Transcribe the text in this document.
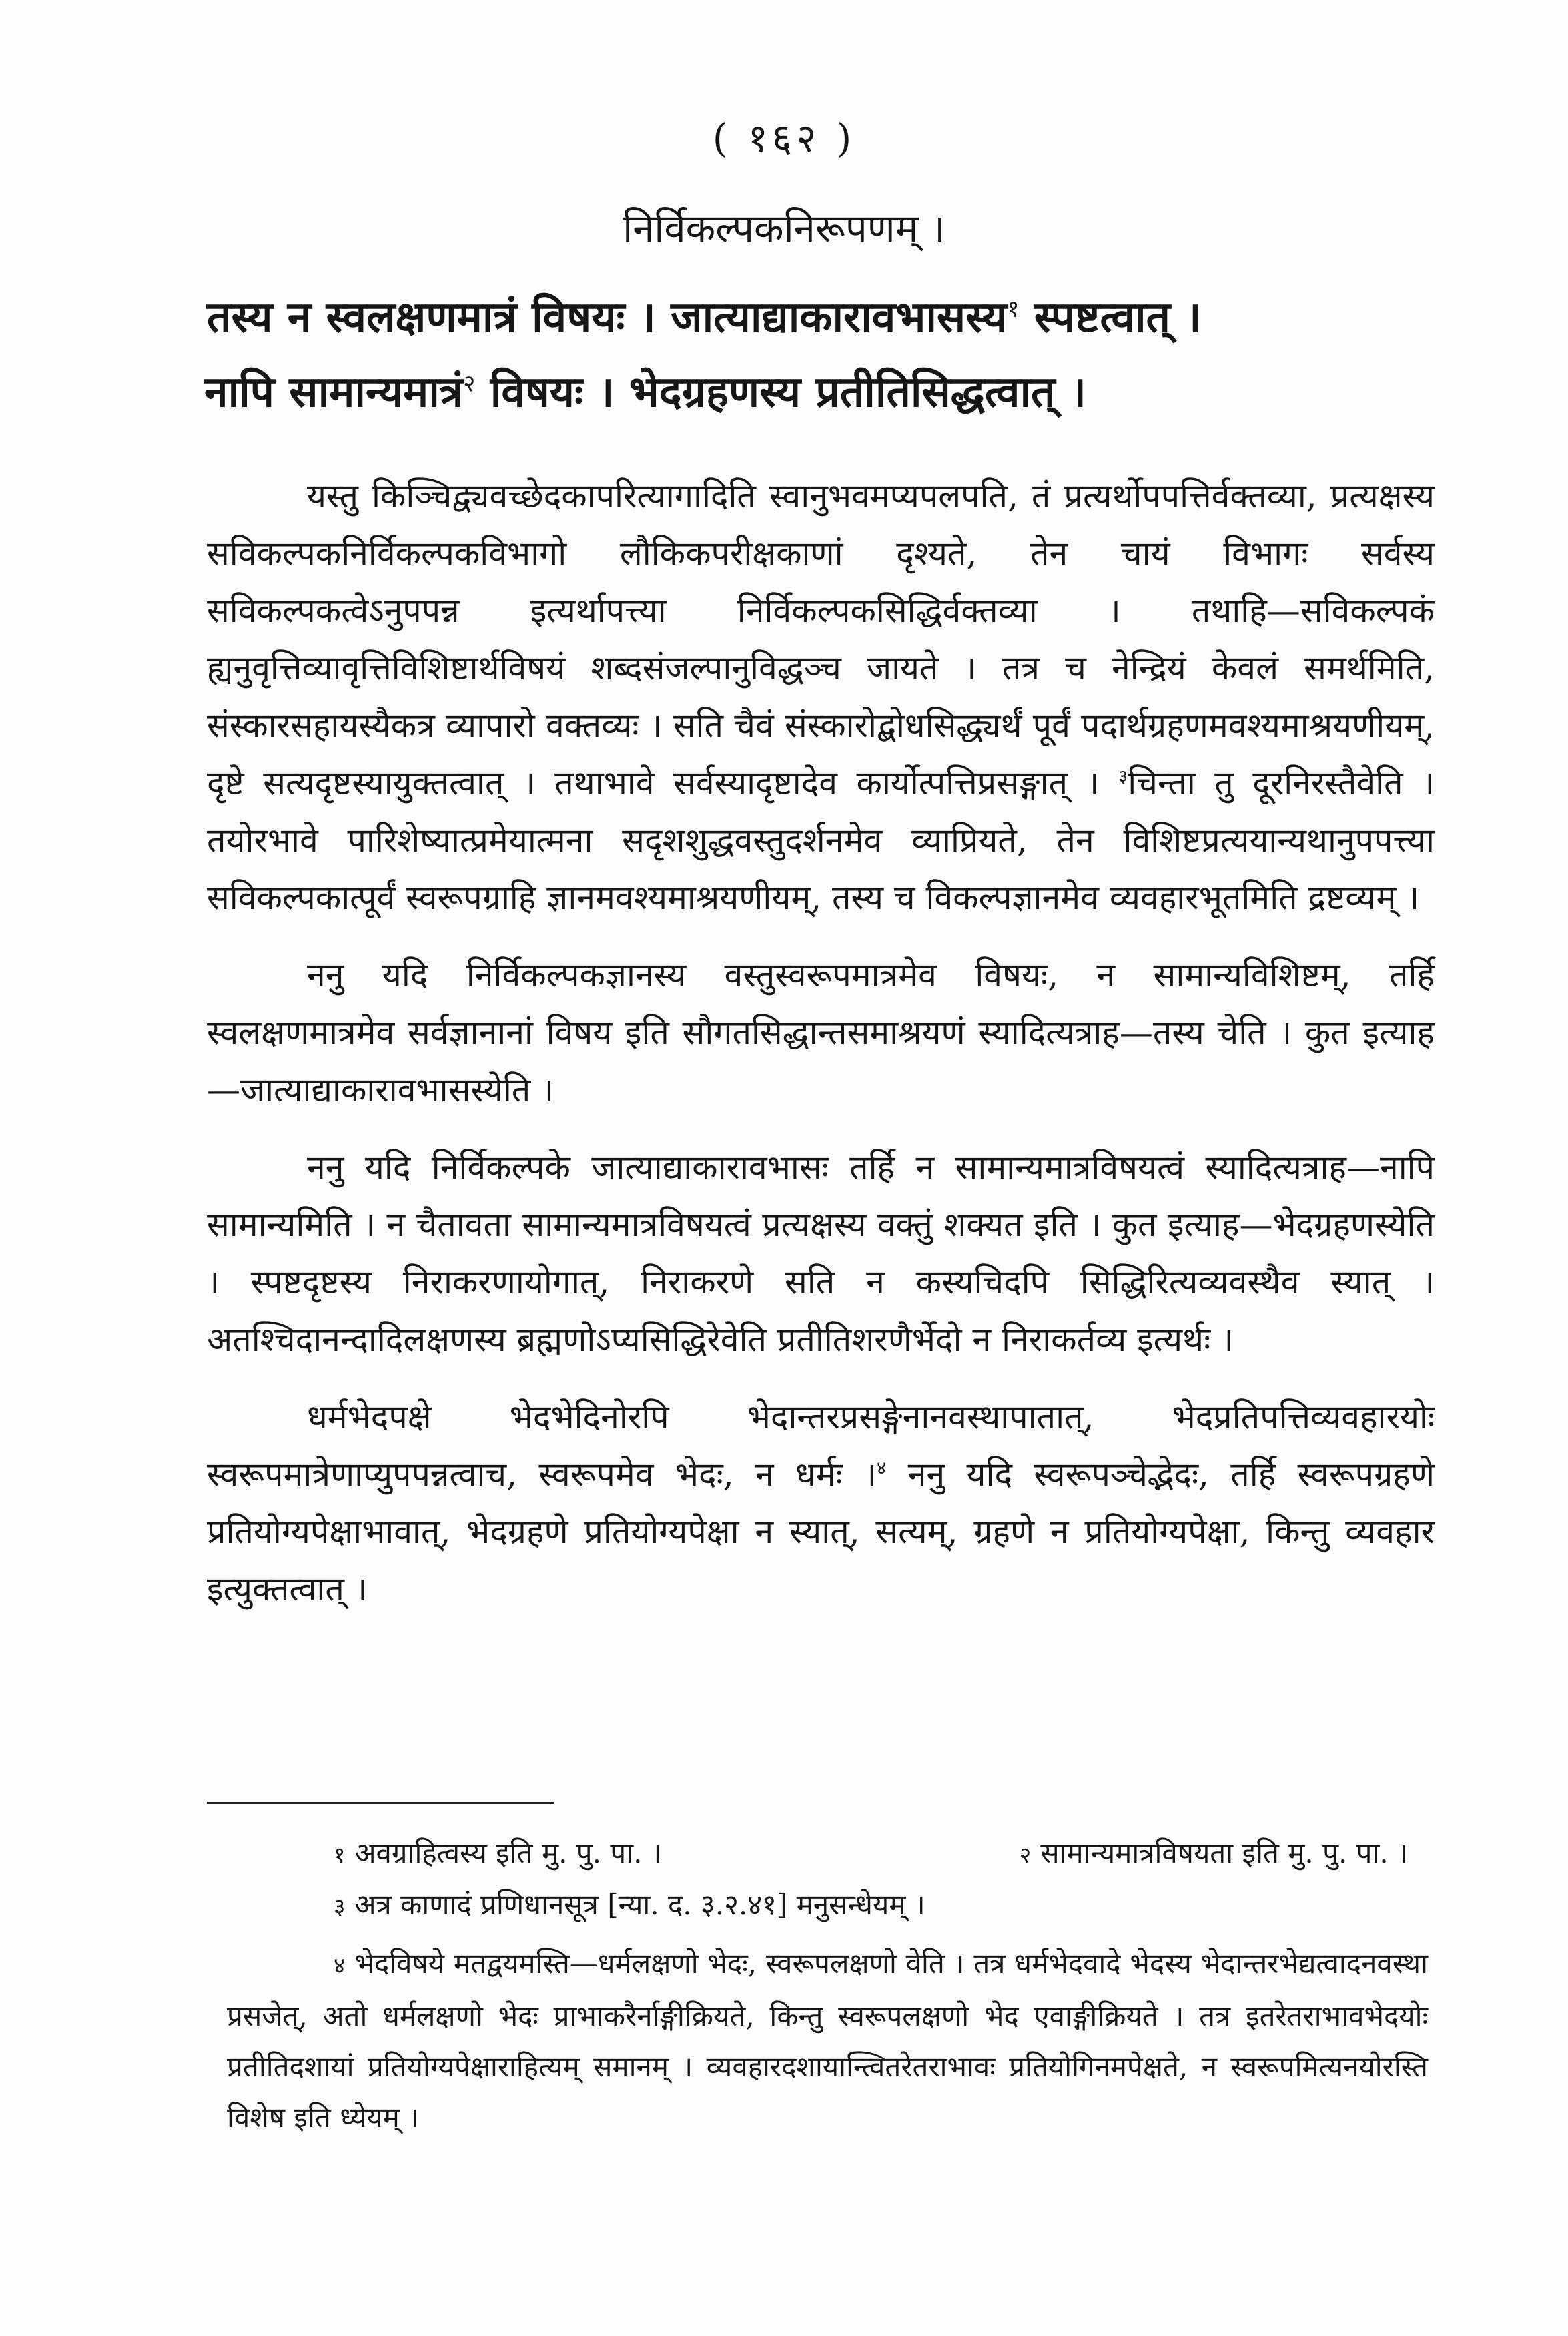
( १६२ )
निर्विकल्पकनिरूपणम् ।

तस्य न स्वलक्षणमात्रं विषयः । जात्याद्याकारावभासस्य$^१$ स्पष्टत्वात् ।

नापि सामान्यमात्रं$^२$ विषयः । भेदग्रहणस्य प्रतीतिसिद्धत्वात् ।

यस्तु किञ्चिद्व्यवच्छेदकापरित्यागादिति स्वानुभवमप्यपलपति, तं प्रत्यर्थोपपत्तिर्वक्तव्या, प्रत्यक्षस्य सविकल्पकनिर्विकल्पकविभागो लौकिकपरीक्षकाणां दृश्यते, तेन चायं विभागः सर्वस्य सविकल्पकत्वेऽनुपपन्न इत्यर्थापत्त्या निर्विकल्पकसिद्धिर्वक्तव्या । तथाहि—सविकल्पकं ह्यनुवृत्तिव्यावृत्तिविशिष्टार्थविषयं शब्दसंजल्पानुविद्धञ्च जायते । तत्र च नेन्द्रियं केवलं समर्थमिति, संस्कारसहायस्यैकत्र व्यापारो वक्तव्यः । सति चैवं संस्कारोद्बोधसिद्ध्यर्थं पूर्वं पदार्थग्रहणमवश्यमाश्रयणीयम्, दृष्टे सत्यदृष्टस्यायुक्तत्वात् । तथाभावे सर्वस्यादृष्टादेव कार्योत्पत्तिप्रसङ्गात् । $^३$चिन्ता तु दूरनिरस्तैवेति । तयोरभावे पारिशेष्यात्प्रमेयात्मना सदृशशुद्धवस्तुदर्शनमेव व्याप्रियते, तेन विशिष्टप्रत्ययान्यथानुपपत्त्या सविकल्पकात्पूर्वं स्वरूपग्राहि ज्ञानमवश्यमाश्रयणीयम्, तस्य च विकल्पज्ञानमेव व्यवहारभूतमिति द्रष्टव्यम् ।

ननु यदि निर्विकल्पकज्ञानस्य वस्तुस्वरूपमात्रमेव विषयः, न सामान्यविशिष्टम्, तर्हि स्वलक्षणमात्रमेव सर्वज्ञानानां विषय इति सौगतसिद्धान्तसमाश्रयणं स्यादित्यत्राह—तस्य चेति । कुत इत्याह—जात्याद्याकारावभासस्येति ।

ननु यदि निर्विकल्पके जात्याद्याकारावभासः तर्हि न सामान्यमात्रविषयत्वं स्यादित्यत्राह—नापि सामान्यमिति । न चैतावता सामान्यमात्रविषयत्वं प्रत्यक्षस्य वक्तुं शक्यत इति । कुत इत्याह—भेदग्रहणस्येति । स्पष्टदृष्टस्य निराकरणायोगात्, निराकरणे सति न कस्यचिदपि सिद्धिरित्यव्यवस्थैव स्यात् । अतश्चिदानन्दादिलक्षणस्य ब्रह्मणोऽप्यसिद्धिरेवेति प्रतीतिशरणैर्भेदो न निराकर्तव्य इत्यर्थः ।

धर्मभेदपक्षे भेदभेदिनोरपि भेदान्तरप्रसङ्गेनानवस्थापातात्, भेदप्रतिपत्तिव्यवहारयोः स्वरूपमात्रेणाप्युपपन्नत्वाच, स्वरूपमेव भेदः, न धर्मः ।$^४$ ननु यदि स्वरूपञ्चेद्भेदः, तर्हि स्वरूपग्रहणे प्रतियोग्यपेक्षाभावात्, भेदग्रहणे प्रतियोग्यपेक्षा न स्यात्, सत्यम्, ग्रहणे न प्रतियोग्यपेक्षा, किन्तु व्यवहार इत्युक्तत्वात् ।

१ अवग्राहित्वस्य इति मु. पु. पा. ।	२ सामान्यमात्रविषयता इति मु. पु. पा. ।
३ अत्र काणादं प्रणिधानसूत्र [न्या. द. ३.२.४१] मनुसन्धेयम् ।
४ भेदविषये मतद्वयमस्ति—धर्मलक्षणो भेदः, स्वरूपलक्षणो वेति । तत्र धर्मभेदवादे भेदस्य भेदान्तरभेद्यत्वादनवस्था प्रसजेत्, अतो धर्मलक्षणो भेदः प्राभाकरैर्नाङ्गीक्रियते, किन्तु स्वरूपलक्षणो भेद एवाङ्गीक्रियते । तत्र इतरेतराभावभेदयोः प्रतीतिदशायां प्रतियोग्यपेक्षाराहित्यम् समानम् । व्यवहारदशायान्त्वितरेतराभावः प्रतियोगिनमपेक्षते, न स्वरूपमित्यनयोरस्ति विशेष इति ध्येयम् ।
